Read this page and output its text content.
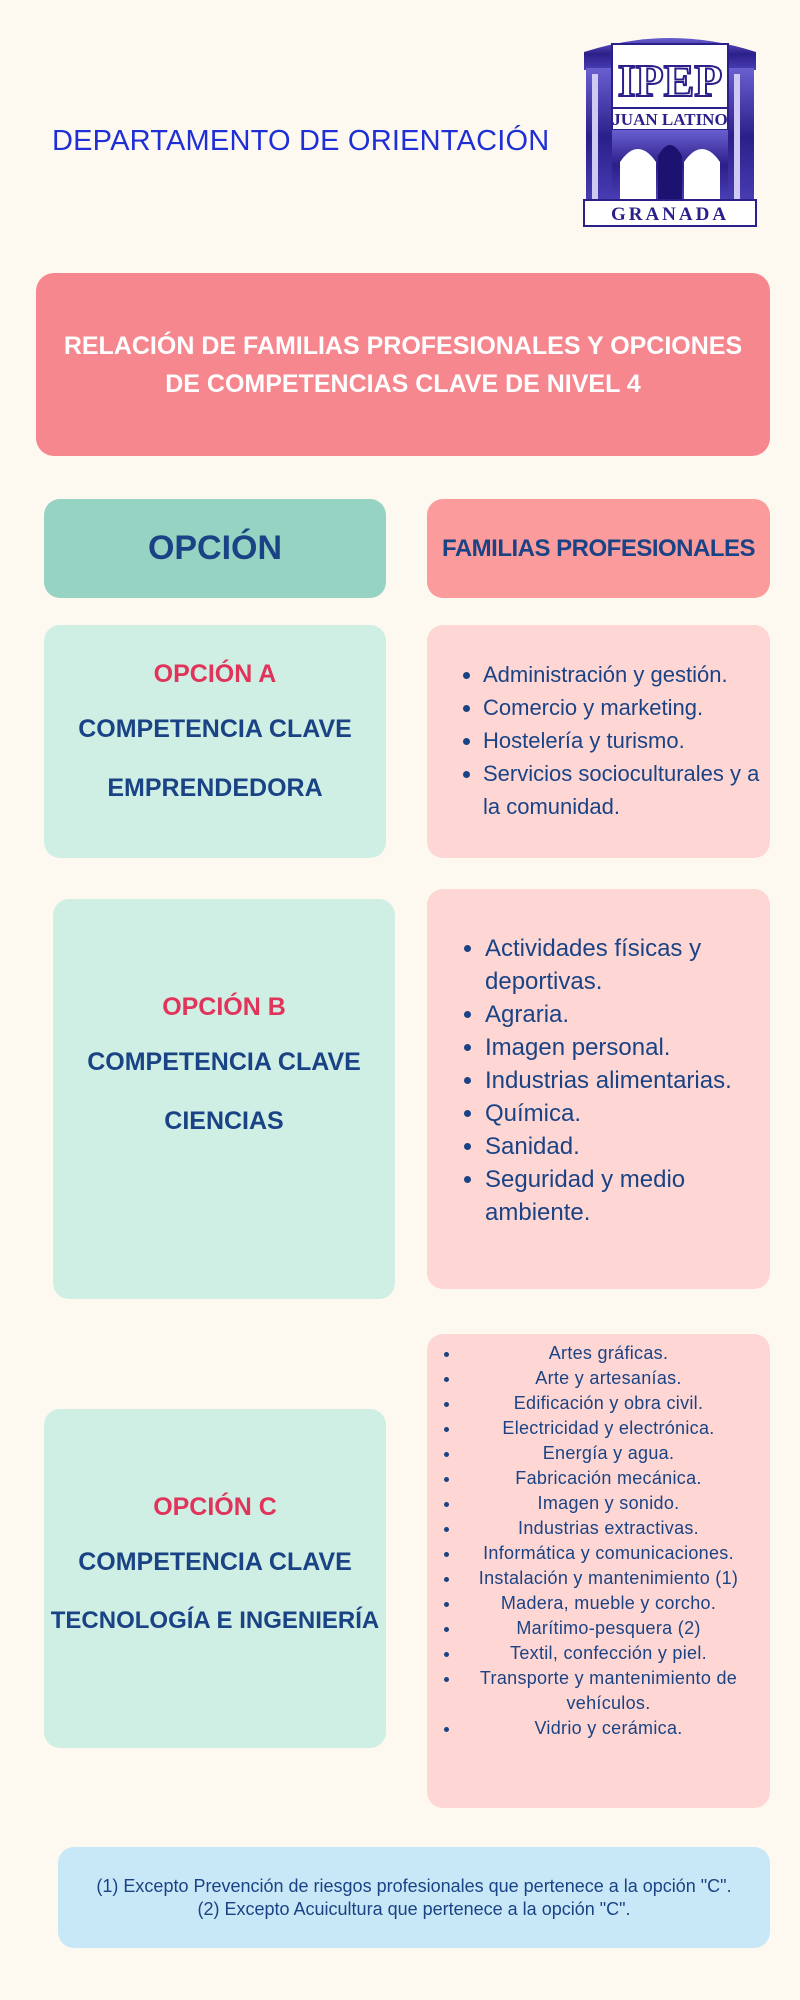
DEPARTAMENTO DE ORIENTACIÓN
IPEP
JUAN LATINO
GRANADA
RELACIÓN DE FAMILIAS PROFESIONALES Y OPCIONES DE COMPETENCIAS CLAVE DE NIVEL 4
OPCIÓN	FAMILIAS PROFESIONALES
OPCIÓN A
COMPETENCIA CLAVE
EMPRENDEDORA
• Administración y gestión.
• Comercio y marketing.
• Hostelería y turismo.
• Servicios socioculturales y a la comunidad.
OPCIÓN B
COMPETENCIA CLAVE
CIENCIAS
• Actividades físicas y deportivas.
• Agraria.
• Imagen personal.
• Industrias alimentarias.
• Química.
• Sanidad.
• Seguridad y medio ambiente.
OPCIÓN C
COMPETENCIA CLAVE
TECNOLOGÍA E INGENIERÍA
• Artes gráficas.
• Arte y artesanías.
• Edificación y obra civil.
• Electricidad y electrónica.
• Energía y agua.
• Fabricación mecánica.
• Imagen y sonido.
• Industrias extractivas.
• Informática y comunicaciones.
• Instalación y mantenimiento (1)
• Madera, mueble y corcho.
• Marítimo-pesquera (2)
• Textil, confección y piel.
• Transporte y mantenimiento de vehículos.
• Vidrio y cerámica.
(1) Excepto Prevención de riesgos profesionales que pertenece a la opción "C".
(2) Excepto Acuicultura que pertenece a la opción "C".
